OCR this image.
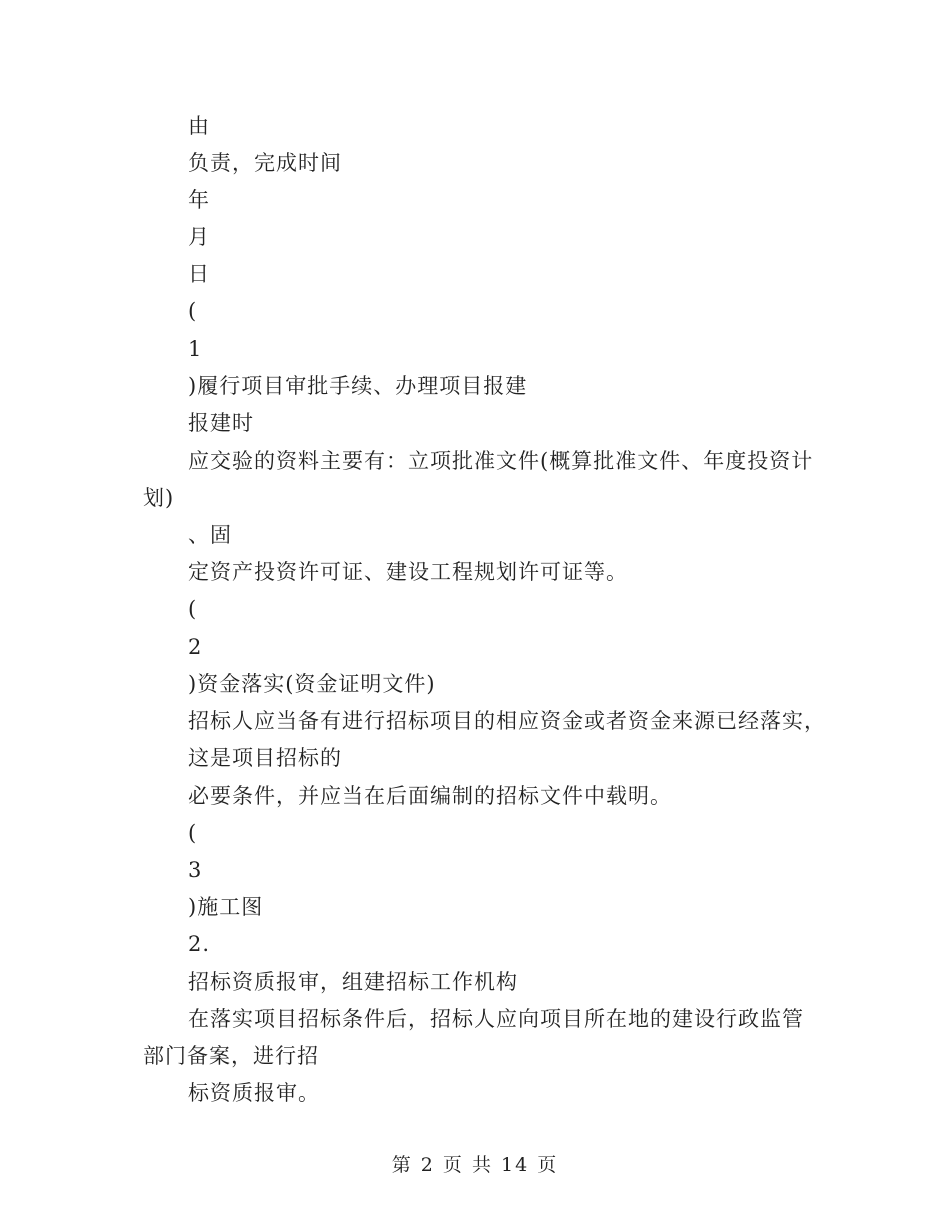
由
负责，完成时间
年
月
日
(
1
)履行项目审批手续、办理项目报建
报建时
应交验的资料主要有：立项批准文件(概算批准文件、年度投资计
划)
、固
定资产投资许可证、建设工程规划许可证等。
(
2
)资金落实(资金证明文件)
招标人应当备有进行招标项目的相应资金或者资金来源已经落实，
这是项目招标的
必要条件，并应当在后面编制的招标文件中载明。
(
3
)施工图
2.
招标资质报审，组建招标工作机构
在落实项目招标条件后，招标人应向项目所在地的建设行政监管
部门备案，进行招
标资质报审。
第 2 页 共 14 页
